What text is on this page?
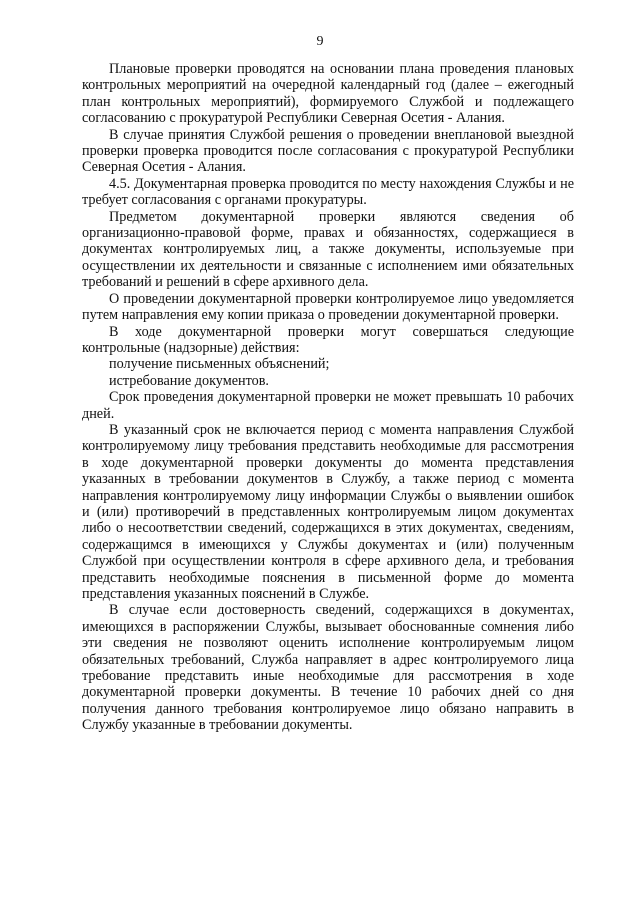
9

Плановые проверки проводятся на основании плана проведения плановых контрольных мероприятий на очередной календарный год (далее – ежегодный план контрольных мероприятий), формируемого Службой и подлежащего согласованию с прокуратурой Республики Северная Осетия - Алания.

В случае принятия Службой решения о проведении внеплановой выездной проверки проверка проводится после согласования с прокуратурой Республики Северная Осетия - Алания.

4.5. Документарная проверка проводится по месту нахождения Службы и не требует согласования с органами прокуратуры.

Предметом документарной проверки являются сведения об организационно-правовой форме, правах и обязанностях, содержащиеся в документах контролируемых лиц, а также документы, используемые при осуществлении их деятельности и связанные с исполнением ими обязательных требований и решений в сфере архивного дела.

О проведении документарной проверки контролируемое лицо уведомляется путем направления ему копии приказа о проведении документарной проверки.

В ходе документарной проверки могут совершаться следующие контрольные (надзорные) действия:

получение письменных объяснений;

истребование документов.

Срок проведения документарной проверки не может превышать 10 рабочих дней.

В указанный срок не включается период с момента направления Службой контролируемому лицу требования представить необходимые для рассмотрения в ходе документарной проверки документы до момента представления указанных в требовании документов в Службу, а также период с момента направления контролируемому лицу информации Службы о выявлении ошибок и (или) противоречий в представленных контролируемым лицом документах либо о несоответствии сведений, содержащихся в этих документах, сведениям, содержащимся в имеющихся у Службы документах и (или) полученным Службой при осуществлении контроля в сфере архивного дела, и требования представить необходимые пояснения в письменной форме до момента представления указанных пояснений в Службе.

В случае если достоверность сведений, содержащихся в документах, имеющихся в распоряжении Службы, вызывает обоснованные сомнения либо эти сведения не позволяют оценить исполнение контролируемым лицом обязательных требований, Служба направляет в адрес контролируемого лица требование представить иные необходимые для рассмотрения в ходе документарной проверки документы. В течение 10 рабочих дней со дня получения данного требования контролируемое лицо обязано направить в Службу указанные в требовании документы.
